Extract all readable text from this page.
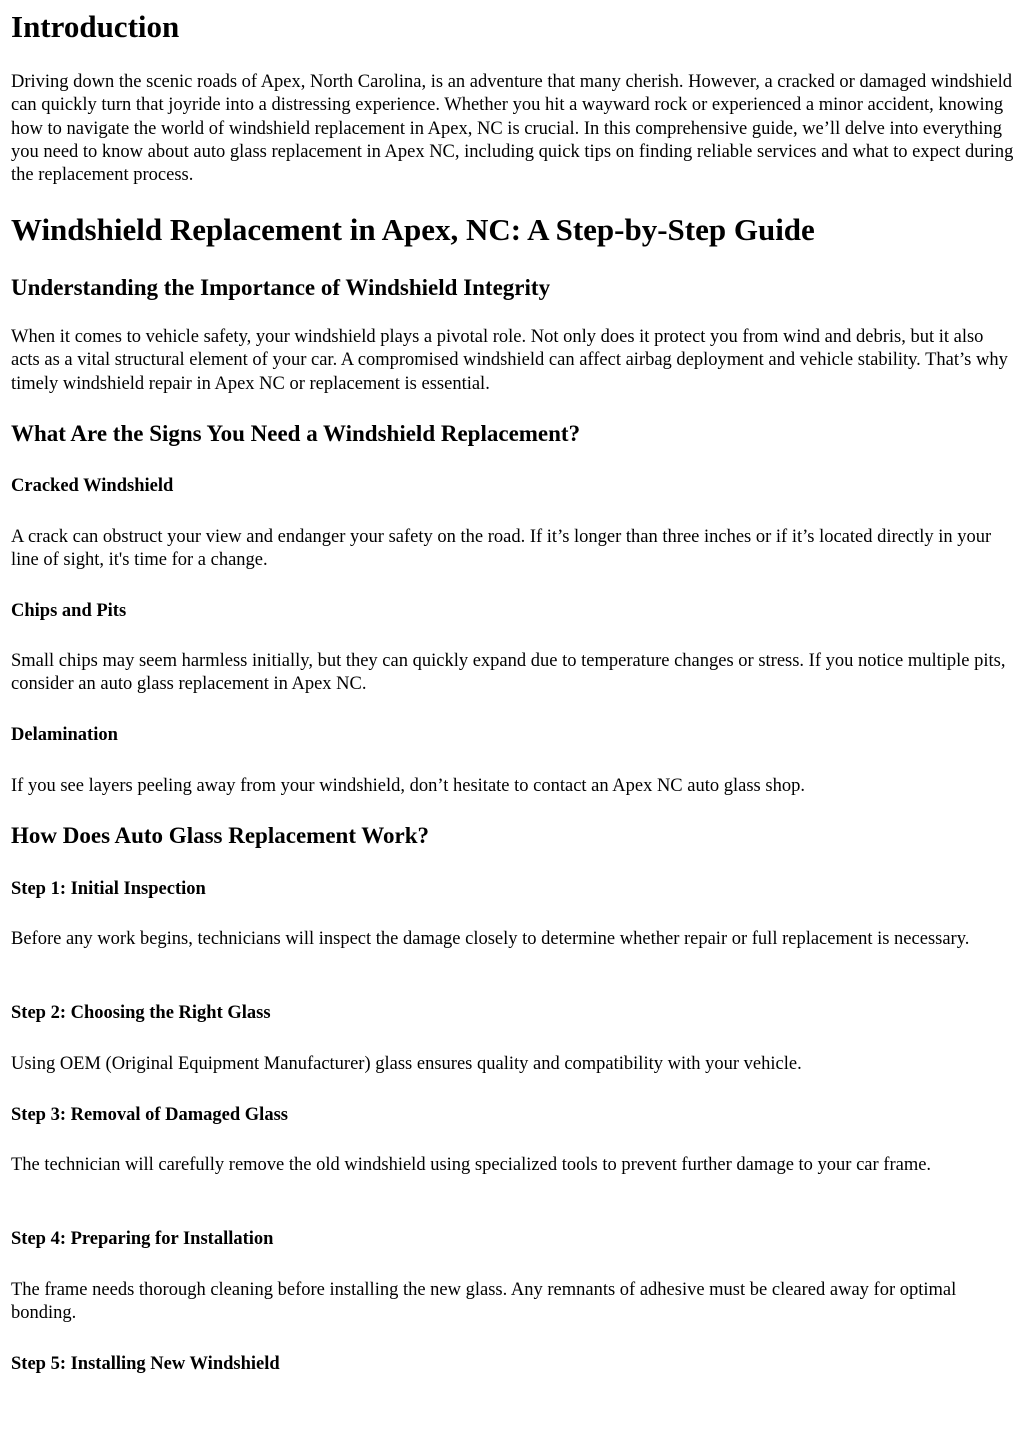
Introduction

Driving down the scenic roads of Apex, North Carolina, is an adventure that many cherish. However, a cracked or damaged windshield can quickly turn that joyride into a distressing experience. Whether you hit a wayward rock or experienced a minor accident, knowing how to navigate the world of windshield replacement in Apex, NC is crucial. In this comprehensive guide, we’ll delve into everything you need to know about auto glass replacement in Apex NC, including quick tips on finding reliable services and what to expect during the replacement process.

Windshield Replacement in Apex, NC: A Step-by-Step Guide
Understanding the Importance of Windshield Integrity

When it comes to vehicle safety, your windshield plays a pivotal role. Not only does it protect you from wind and debris, but it also acts as a vital structural element of your car. A compromised windshield can affect airbag deployment and vehicle stability. That’s why timely windshield repair in Apex NC or replacement is essential.

What Are the Signs You Need a Windshield Replacement?
Cracked Windshield

A crack can obstruct your view and endanger your safety on the road. If it’s longer than three inches or if it’s located directly in your line of sight, it's time for a change.

Chips and Pits

Small chips may seem harmless initially, but they can quickly expand due to temperature changes or stress. If you notice multiple pits, consider an auto glass replacement in Apex NC.

Delamination

If you see layers peeling away from your windshield, don’t hesitate to contact an Apex NC auto glass shop.

How Does Auto Glass Replacement Work?
Step 1: Initial Inspection

Before any work begins, technicians will inspect the damage closely to determine whether repair or full replacement is necessary.

Step 2: Choosing the Right Glass

Using OEM (Original Equipment Manufacturer) glass ensures quality and compatibility with your vehicle.

Step 3: Removal of Damaged Glass

The technician will carefully remove the old windshield using specialized tools to prevent further damage to your car frame.

Step 4: Preparing for Installation

The frame needs thorough cleaning before installing the new glass. Any remnants of adhesive must be cleared away for optimal bonding.

Step 5: Installing New Windshield
